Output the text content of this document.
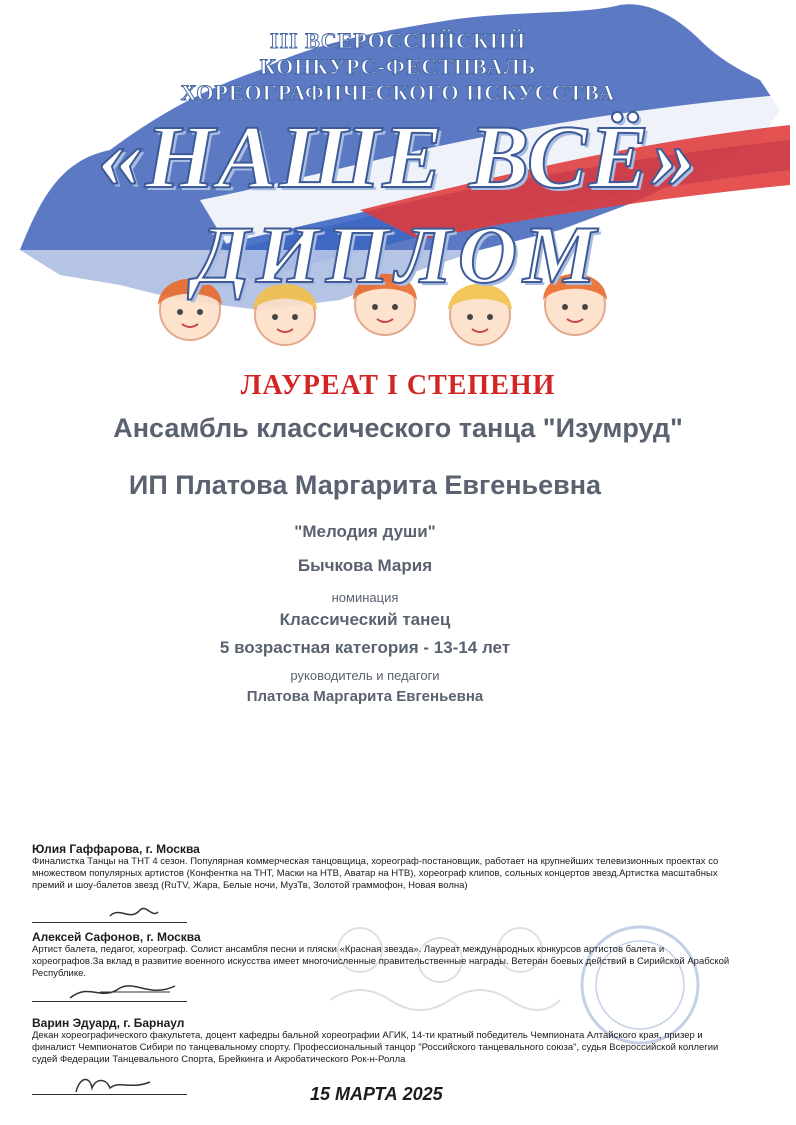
III ВСЕРОССИЙСКИЙ
КОНКУРС-ФЕСТИВАЛЬ
ХОРЕОГРАФИЧЕСКОГО ИСКУССТВА
«НАШЕ ВСЁ»
ДИПЛОМ
ЛАУРЕАТ I СТЕПЕНИ
Ансамбль классического танца "Изумруд"
ИП Платова Маргарита Евгеньевна
"Мелодия души"
Бычкова Мария
номинация
Классический танец
5 возрастная категория - 13-14 лет
руководитель и педагоги
Платова Маргарита Евгеньевна
Юлия Гаффарова, г. Москва
Финалистка Танцы на ТНТ 4 сезон. Популярная коммерческая танцовщица, хореограф-постановщик, работает на крупнейших телевизионных проектах со множеством популярных артистов (Конфентка на ТНТ, Маски на НТВ, Аватар на НТВ), хореограф клипов, сольных концертов звезд.Артистка масштабных премий и шоу-балетов звезд (RuTV, Жара, Белые ночи, МузТв, Золотой граммофон, Новая волна)
Алексей Сафонов, г. Москва
Артист балета, педагог, хореограф. Солист ансамбля песни и пляски «Красная звезда». Лауреат международных конкурсов артистов балета и хореографов.За вклад в развитие военного искусства имеет многочисленные правительственные награды. Ветеран боевых действий в Сирийской Арабской Республике.
Варин Эдуард, г. Барнаул
Декан хореографического факультета, доцент кафедры бальной хореографии АГИК, 14-ти кратный победитель Чемпионата Алтайского края, призер и финалист Чемпионатов Сибири по танцевальному спорту. Профессиональный танцор "Российского танцевального союза", судья Всероссийской коллегии судей Федерации Танцевального Спорта, Брейкинга и Акробатического Рок-н-Ролла
15 МАРТА 2025
